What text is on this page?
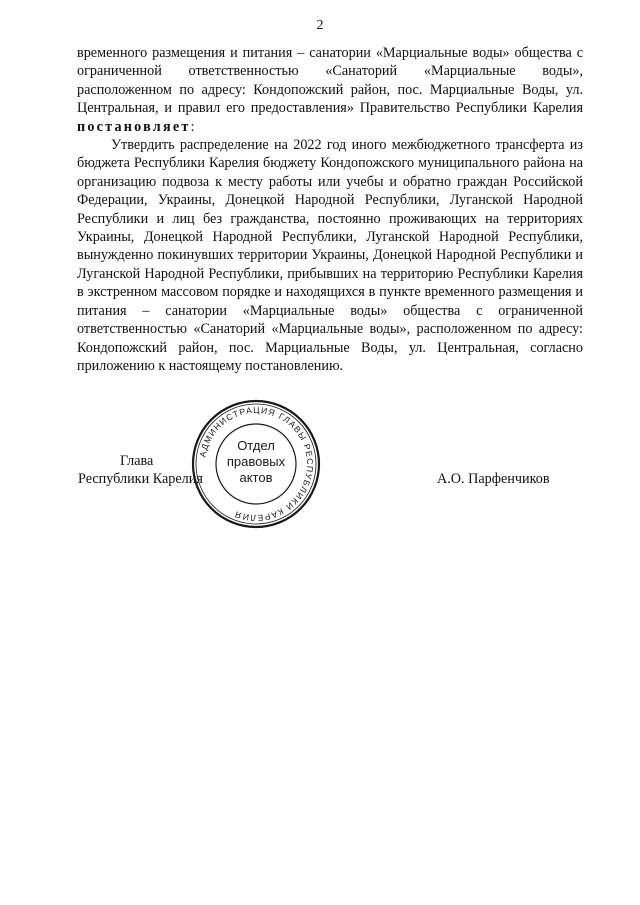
2

временного размещения и питания – санатории «Марциальные воды» общества с ограниченной ответственностью «Санаторий «Марциальные воды», расположенном по адресу: Кондопожский район, пос. Марциальные Воды, ул. Центральная, и правил его предоставления» Правительство Республики Карелия постановляет:

Утвердить распределение на 2022 год иного межбюджетного трансферта из бюджета Республики Карелия бюджету Кондопожского муниципального района на организацию подвоза к месту работы или учебы и обратно граждан Российской Федерации, Украины, Донецкой Народной Республики, Луганской Народной Республики и лиц без гражданства, постоянно проживающих на территориях Украины, Донецкой Народной Республики, Луганской Народной Республики, вынужденно покинувших территории Украины, Донецкой Народной Республики и Луганской Народной Республики, прибывших на территорию Республики Карелия в экстренном массовом порядке и находящихся в пункте временного размещения и питания – санатории «Марциальные воды» общества с ограниченной ответственностью «Санаторий «Марциальные воды», расположенном по адресу: Кондопожский район, пос. Марциальные Воды, ул. Центральная, согласно приложению к настоящему постановлению.

Глава
Республики Карелия	А.О. Парфенчиков
АДМИНИСТРАЦИЯ ГЛАВЫ РЕСПУБЛИКИ КАРЕЛИЯ
Отдел
правовых
актов
